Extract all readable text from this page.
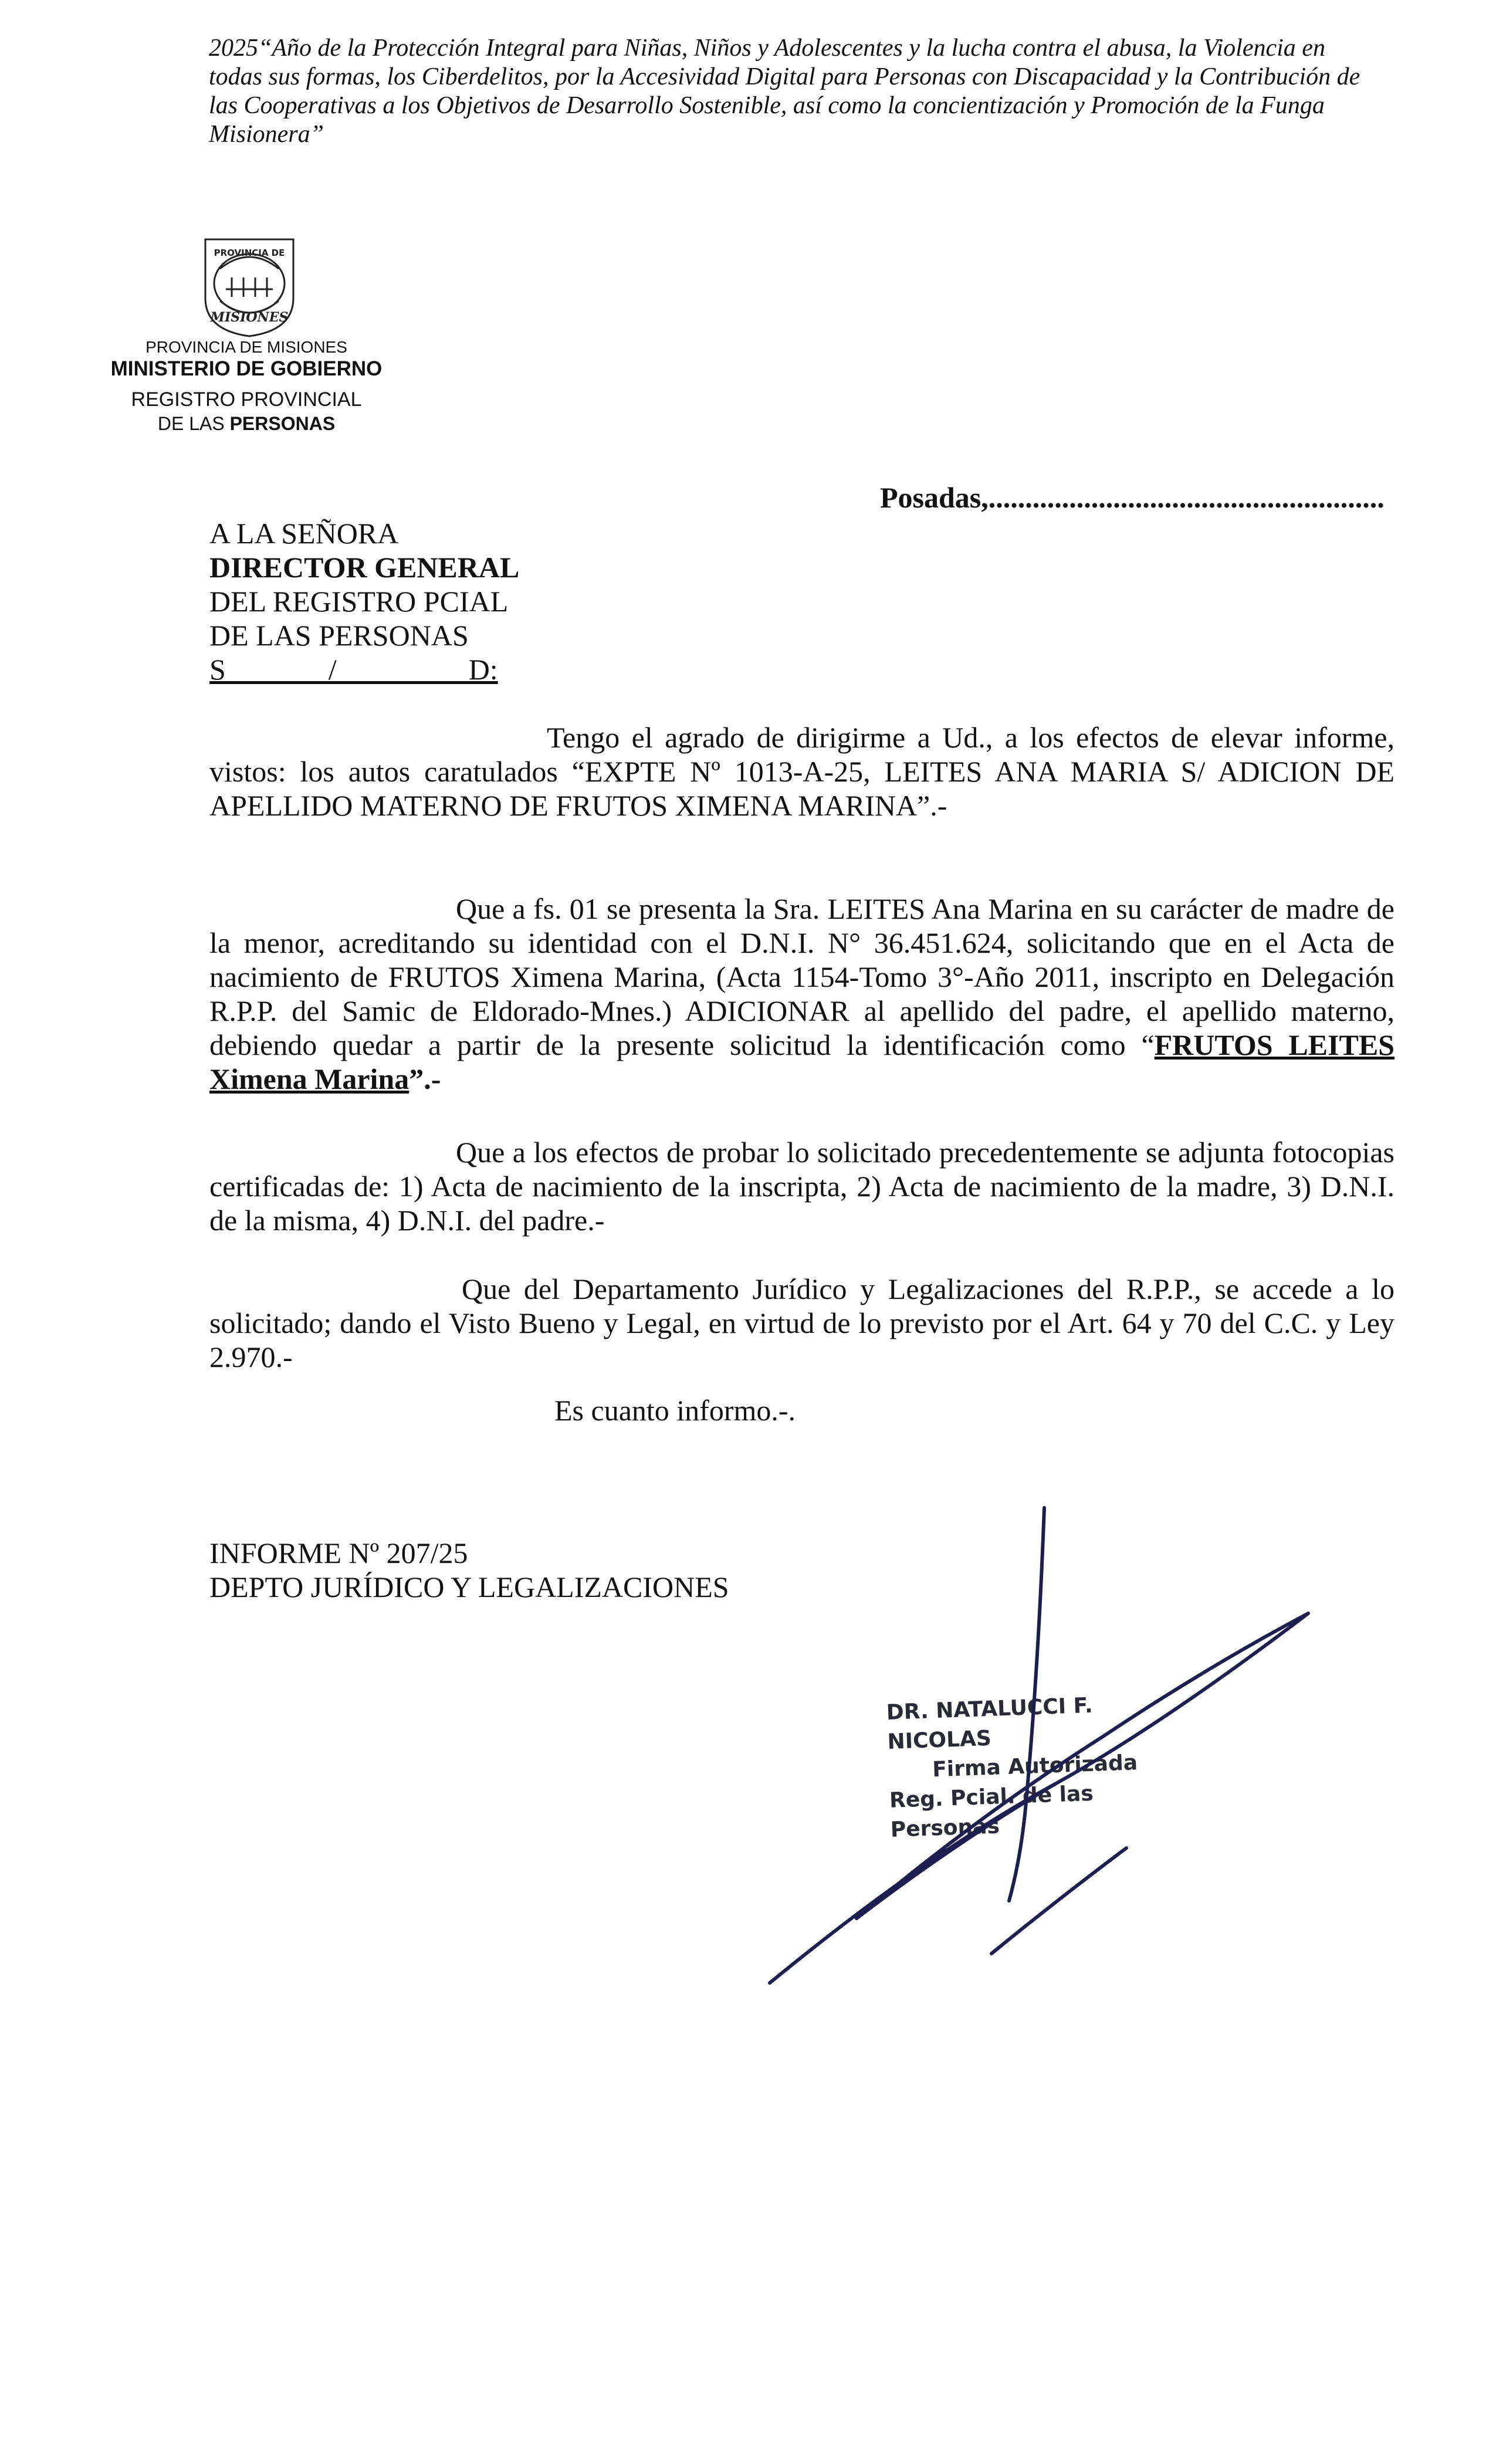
2025“Año de la Protección Integral para Niñas, Niños y Adolescentes y la lucha contra el abusa, la Violencia en todas sus formas, los Ciberdelitos, por la Accesividad Digital para Personas con Discapacidad y la Contribución de las Cooperativas a los Objetivos de Desarrollo Sostenible, así como la concientización y Promoción de la Funga Misionera”
PROVINCIA DE
MISIONES
PROVINCIA DE MISIONES
MINISTERIO DE GOBIERNO
REGISTRO PROVINCIAL
DE LAS PERSONAS
Posadas,......................................................
A LA SEÑORA
DIRECTOR GENERAL
DEL REGISTRO PCIAL
DE LAS PERSONAS
S              /                  D:
Tengo el agrado de dirigirme a Ud., a los efectos de elevar informe, vistos: los autos caratulados “EXPTE Nº 1013-A-25, LEITES ANA MARIA S/ ADICION DE APELLIDO MATERNO DE FRUTOS XIMENA MARINA”.-
Que a fs. 01 se presenta la Sra. LEITES Ana Marina en su carácter de madre de la menor, acreditando su identidad con el D.N.I. N° 36.451.624, solicitando que en el Acta de nacimiento de FRUTOS Ximena Marina, (Acta 1154-Tomo 3°-Año 2011, inscripto en Delegación R.P.P. del Samic de Eldorado-Mnes.) ADICIONAR al apellido del padre, el apellido materno, debiendo quedar a partir de la presente solicitud la identificación como “FRUTOS LEITES Ximena Marina”.-
Que a los efectos de probar lo solicitado precedentemente se adjunta fotocopias certificadas de: 1) Acta de nacimiento de la inscripta, 2) Acta de nacimiento de la madre, 3) D.N.I. de la misma, 4) D.N.I. del padre.-
Que del Departamento Jurídico y Legalizaciones del R.P.P., se accede a lo solicitado; dando el Visto Bueno y Legal, en virtud de lo previsto por el Art. 64 y 70 del C.C. y Ley 2.970.-
Es cuanto informo.-.
INFORME Nº 207/25
DEPTO JURÍDICO Y LEGALIZACIONES
DR. NATALUCCI F. NICOLAS
Firma Autorizada
Reg. Pcial. de las Personas
